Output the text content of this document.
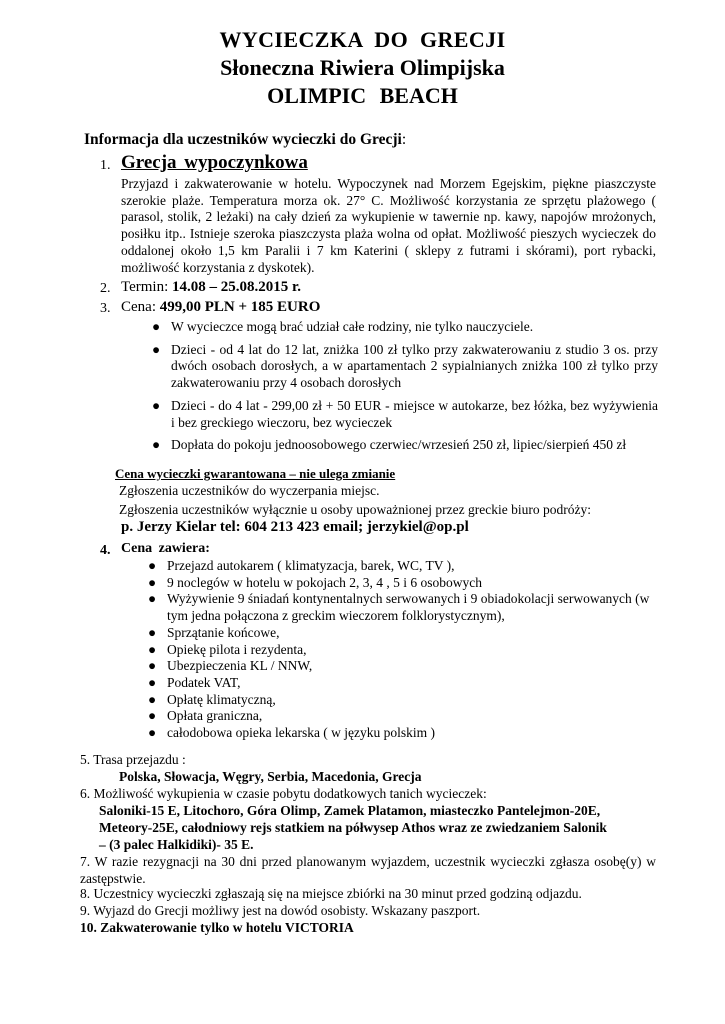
WYCIECZKA DO GRECJI
Słoneczna Riwiera Olimpijska
OLIMPIC BEACH
Informacja dla uczestników wycieczki do Grecji:
1. Grecja wypoczynkowa
Przyjazd i zakwaterowanie w hotelu. Wypoczynek nad Morzem Egejskim, piękne piaszczyste szerokie plaże. Temperatura morza ok. 27° C. Możliwość korzystania ze sprzętu plażowego ( parasol, stolik, 2 leżaki) na cały dzień za wykupienie w tawernie np. kawy, napojów mrożonych, posiłku itp.. Istnieje szeroka piaszczysta plaża wolna od opłat. Możliwość pieszych wycieczek do oddalonej około 1,5 km Paralii i 7 km Katerini ( sklepy z futrami i skórami), port rybacki, możliwość korzystania z dyskotek).
2. Termin: 14.08 – 25.08.2015 r.
3. Cena: 499,00 PLN + 185 EURO
● W wycieczce mogą brać udział całe rodziny, nie tylko nauczyciele.
● Dzieci - od 4 lat do 12 lat, zniżka 100 zł tylko przy zakwaterowaniu z studio 3 os. przy dwóch osobach dorosłych, a w apartamentach 2 sypialnianych zniżka 100 zł tylko przy zakwaterowaniu przy 4 osobach dorosłych
● Dzieci - do 4 lat - 299,00 zł + 50 EUR - miejsce w autokarze, bez łóżka, bez wyżywienia i bez greckiego wieczoru, bez wycieczek
● Dopłata do pokoju jednoosobowego czerwiec/wrzesień 250 zł, lipiec/sierpień 450 zł
Cena wycieczki gwarantowana – nie ulega zmianie
Zgłoszenia uczestników do wyczerpania miejsc.
Zgłoszenia uczestników wyłącznie u osoby upoważnionej przez greckie biuro podróży:
p. Jerzy Kielar tel: 604 213 423 email; jerzykiel@op.pl
4. Cena zawiera:
● Przejazd autokarem ( klimatyzacja, barek, WC, TV ),
● 9 noclegów w hotelu w pokojach 2, 3, 4 , 5 i 6 osobowych
● Wyżywienie 9 śniadań kontynentalnych serwowanych i 9 obiadokolacji serwowanych (w tym jedna połączona z greckim wieczorem folklorystycznym),
● Sprzątanie końcowe,
● Opiekę pilota i rezydenta,
● Ubezpieczenia KL / NNW,
● Podatek VAT,
● Opłatę klimatyczną,
● Opłata graniczna,
● całodobowa opieka lekarska ( w języku polskim )
5. Trasa przejazdu :
Polska, Słowacja, Węgry, Serbia, Macedonia, Grecja
6. Możliwość wykupienia w czasie pobytu dodatkowych tanich wycieczek:
Saloniki-15 E, Litochoro, Góra Olimp, Zamek Platamon, miasteczko Pantelejmon-20E,
Meteory-25E, całodniowy rejs statkiem na półwysep Athos wraz ze zwiedzaniem Salonik
– (3 palec Halkidiki)- 35 E.
7. W razie rezygnacji na 30 dni przed planowanym wyjazdem, uczestnik wycieczki zgłasza osobę(y) w zastępstwie.
8. Uczestnicy wycieczki zgłaszają się na miejsce zbiórki na 30 minut przed godziną odjazdu.
9. Wyjazd do Grecji możliwy jest na dowód osobisty. Wskazany paszport.
10. Zakwaterowanie tylko w hotelu VICTORIA
